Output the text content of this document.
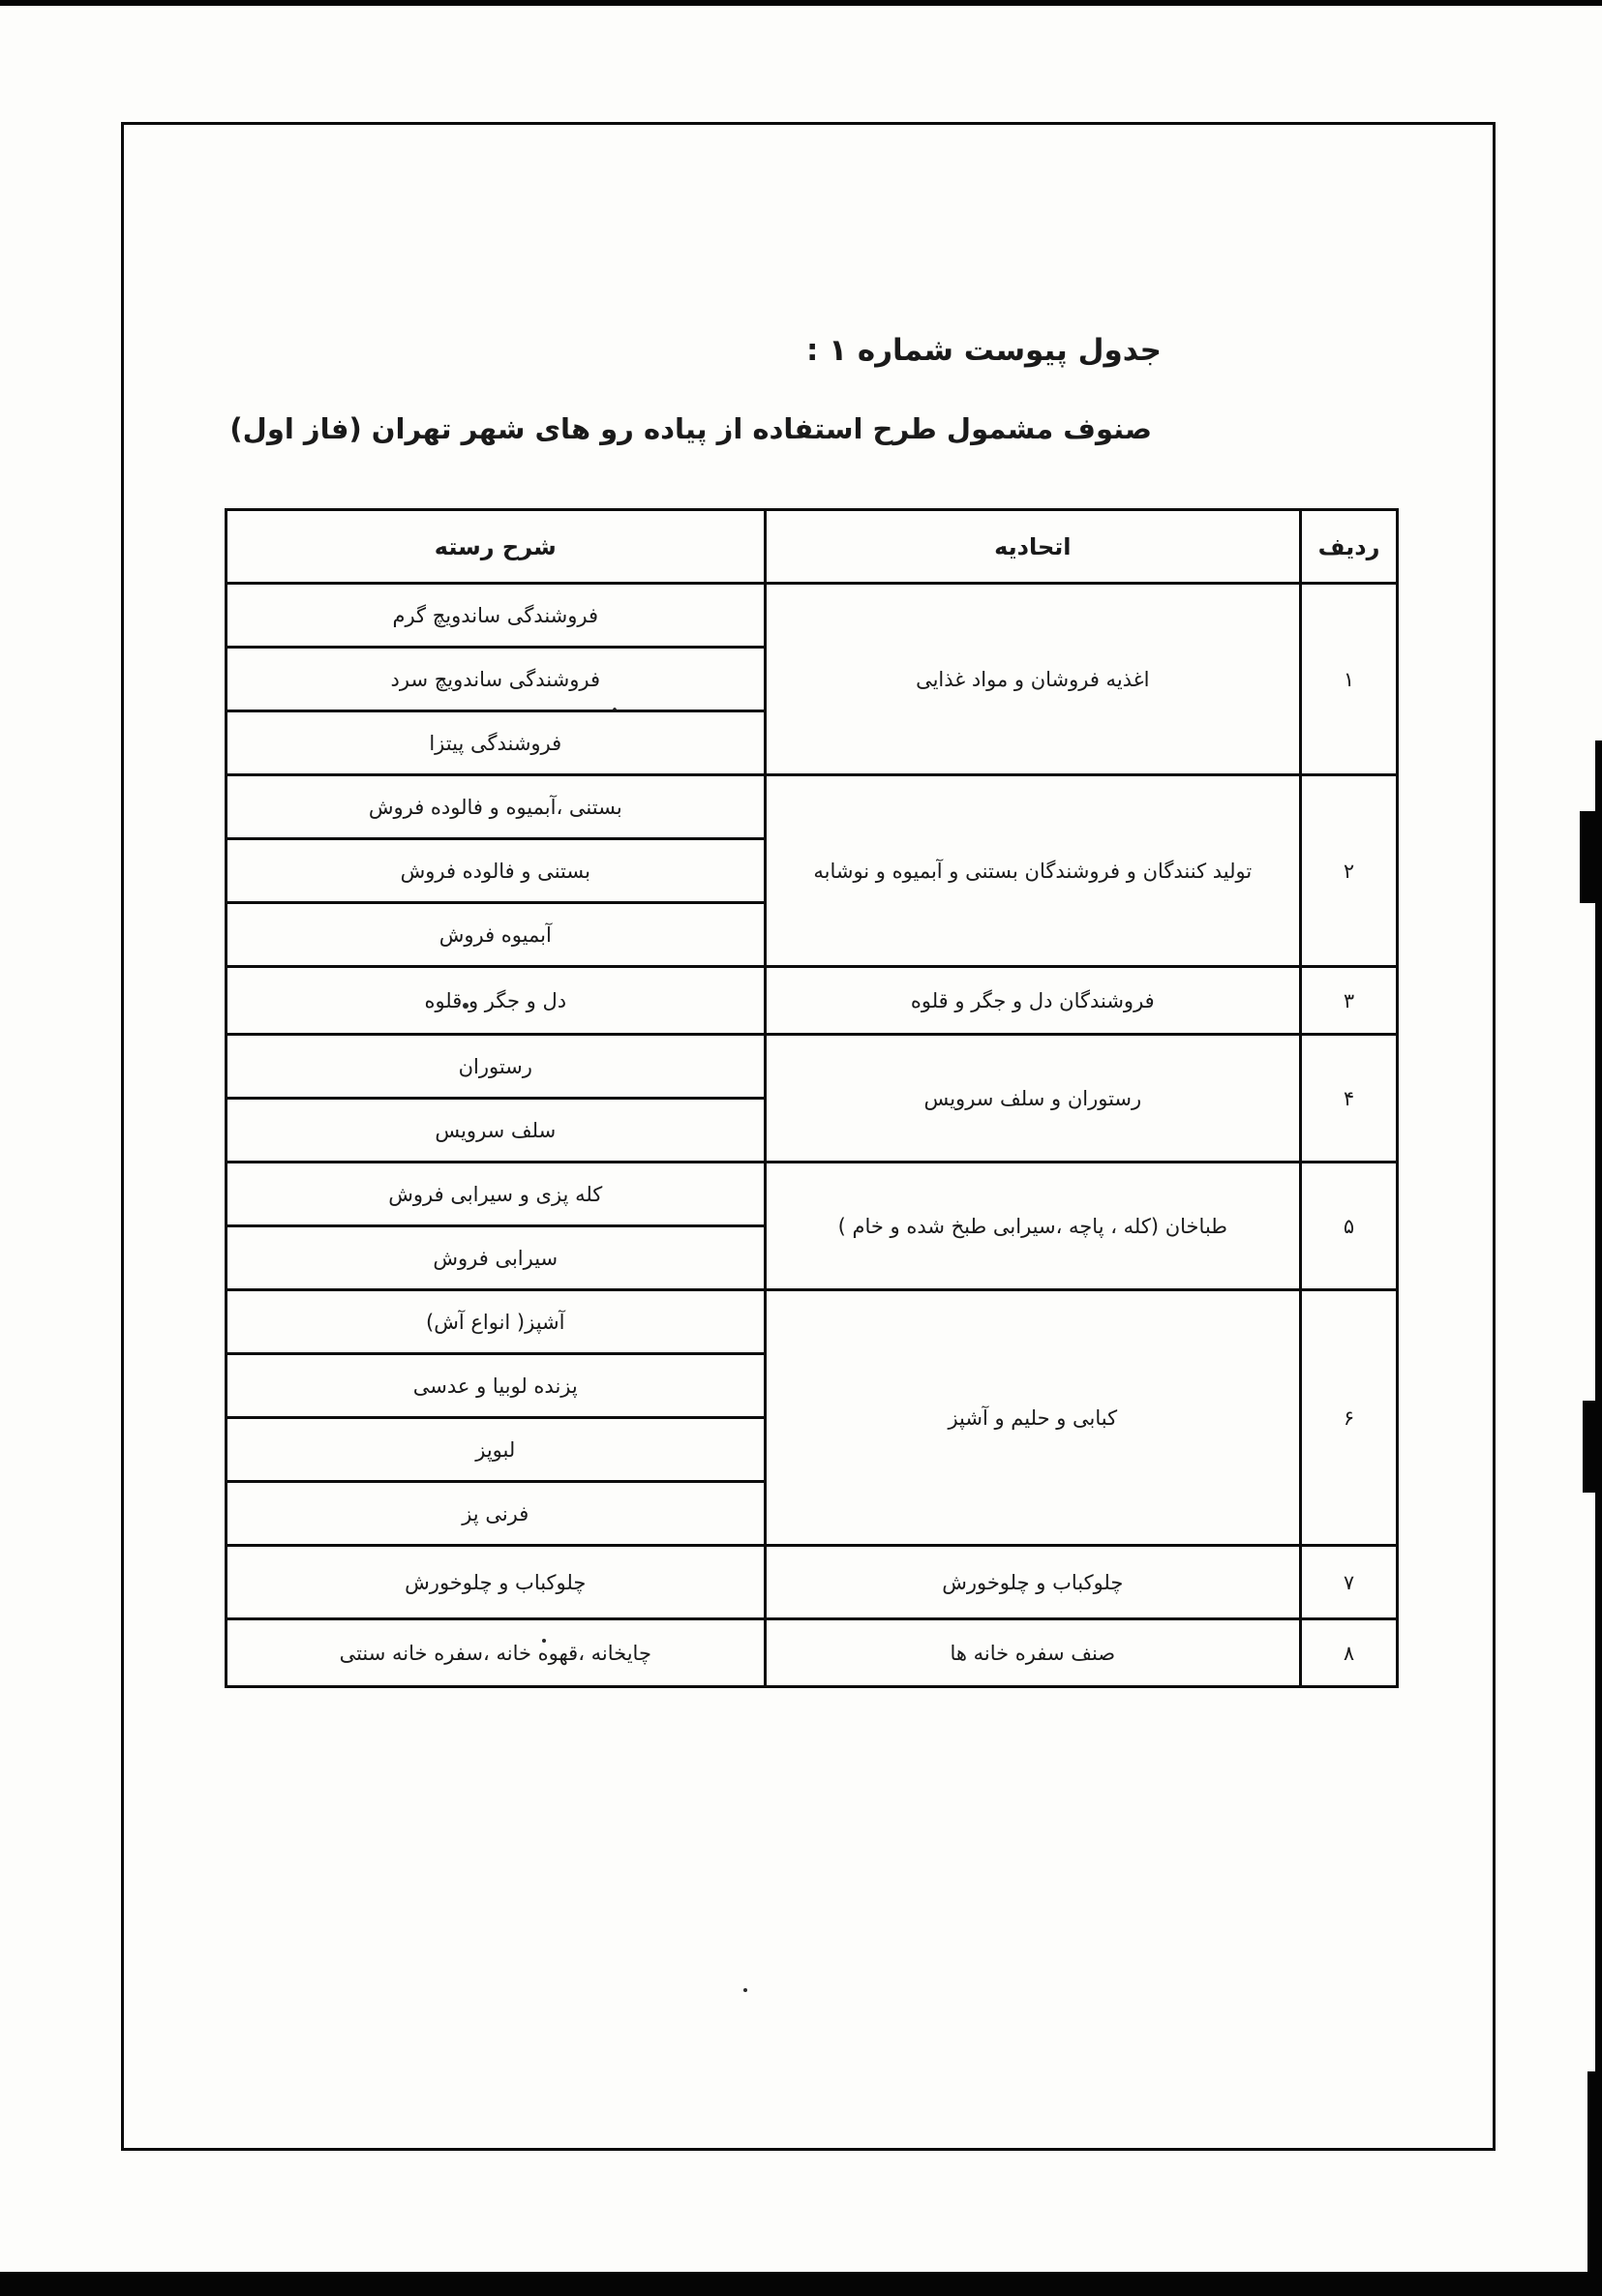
جدول پیوست شماره ۱ :
صنوف مشمول طرح استفاده از پیاده رو های شهر تهران (فاز اول)
ردیف	اتحادیه	شرح رسته
۱	اغذیه فروشان و مواد غذایی	فروشندگی ساندویچ گرم
		فروشندگی ساندویچ سرد
		فروشندگی پیتزا
۲	تولید کنندگان و فروشندگان بستنی و آبمیوه و نوشابه	بستنی ،آبمیوه و فالوده فروش
		بستنی و فالوده فروش
		آبمیوه فروش
۳	فروشندگان دل و جگر و قلوه	دل و جگر و قلوه
۴	رستوران و سلف سرویس	رستوران
		سلف سرویس
۵	طباخان (کله ، پاچه ،سیرابی طبخ شده و خام )	کله پزی و سیرابی فروش
		سیرابی فروش
۶	کبابی و حلیم و آشپز	آشپز( انواع آش)
		پزنده لوبیا و عدسی
		لبوپز
		فرنی پز
۷	چلوکباب و چلوخورش	چلوکباب و چلوخورش
۸	صنف سفره خانه ها	چایخانه ،قهوه خانه ،سفره خانه سنتی
